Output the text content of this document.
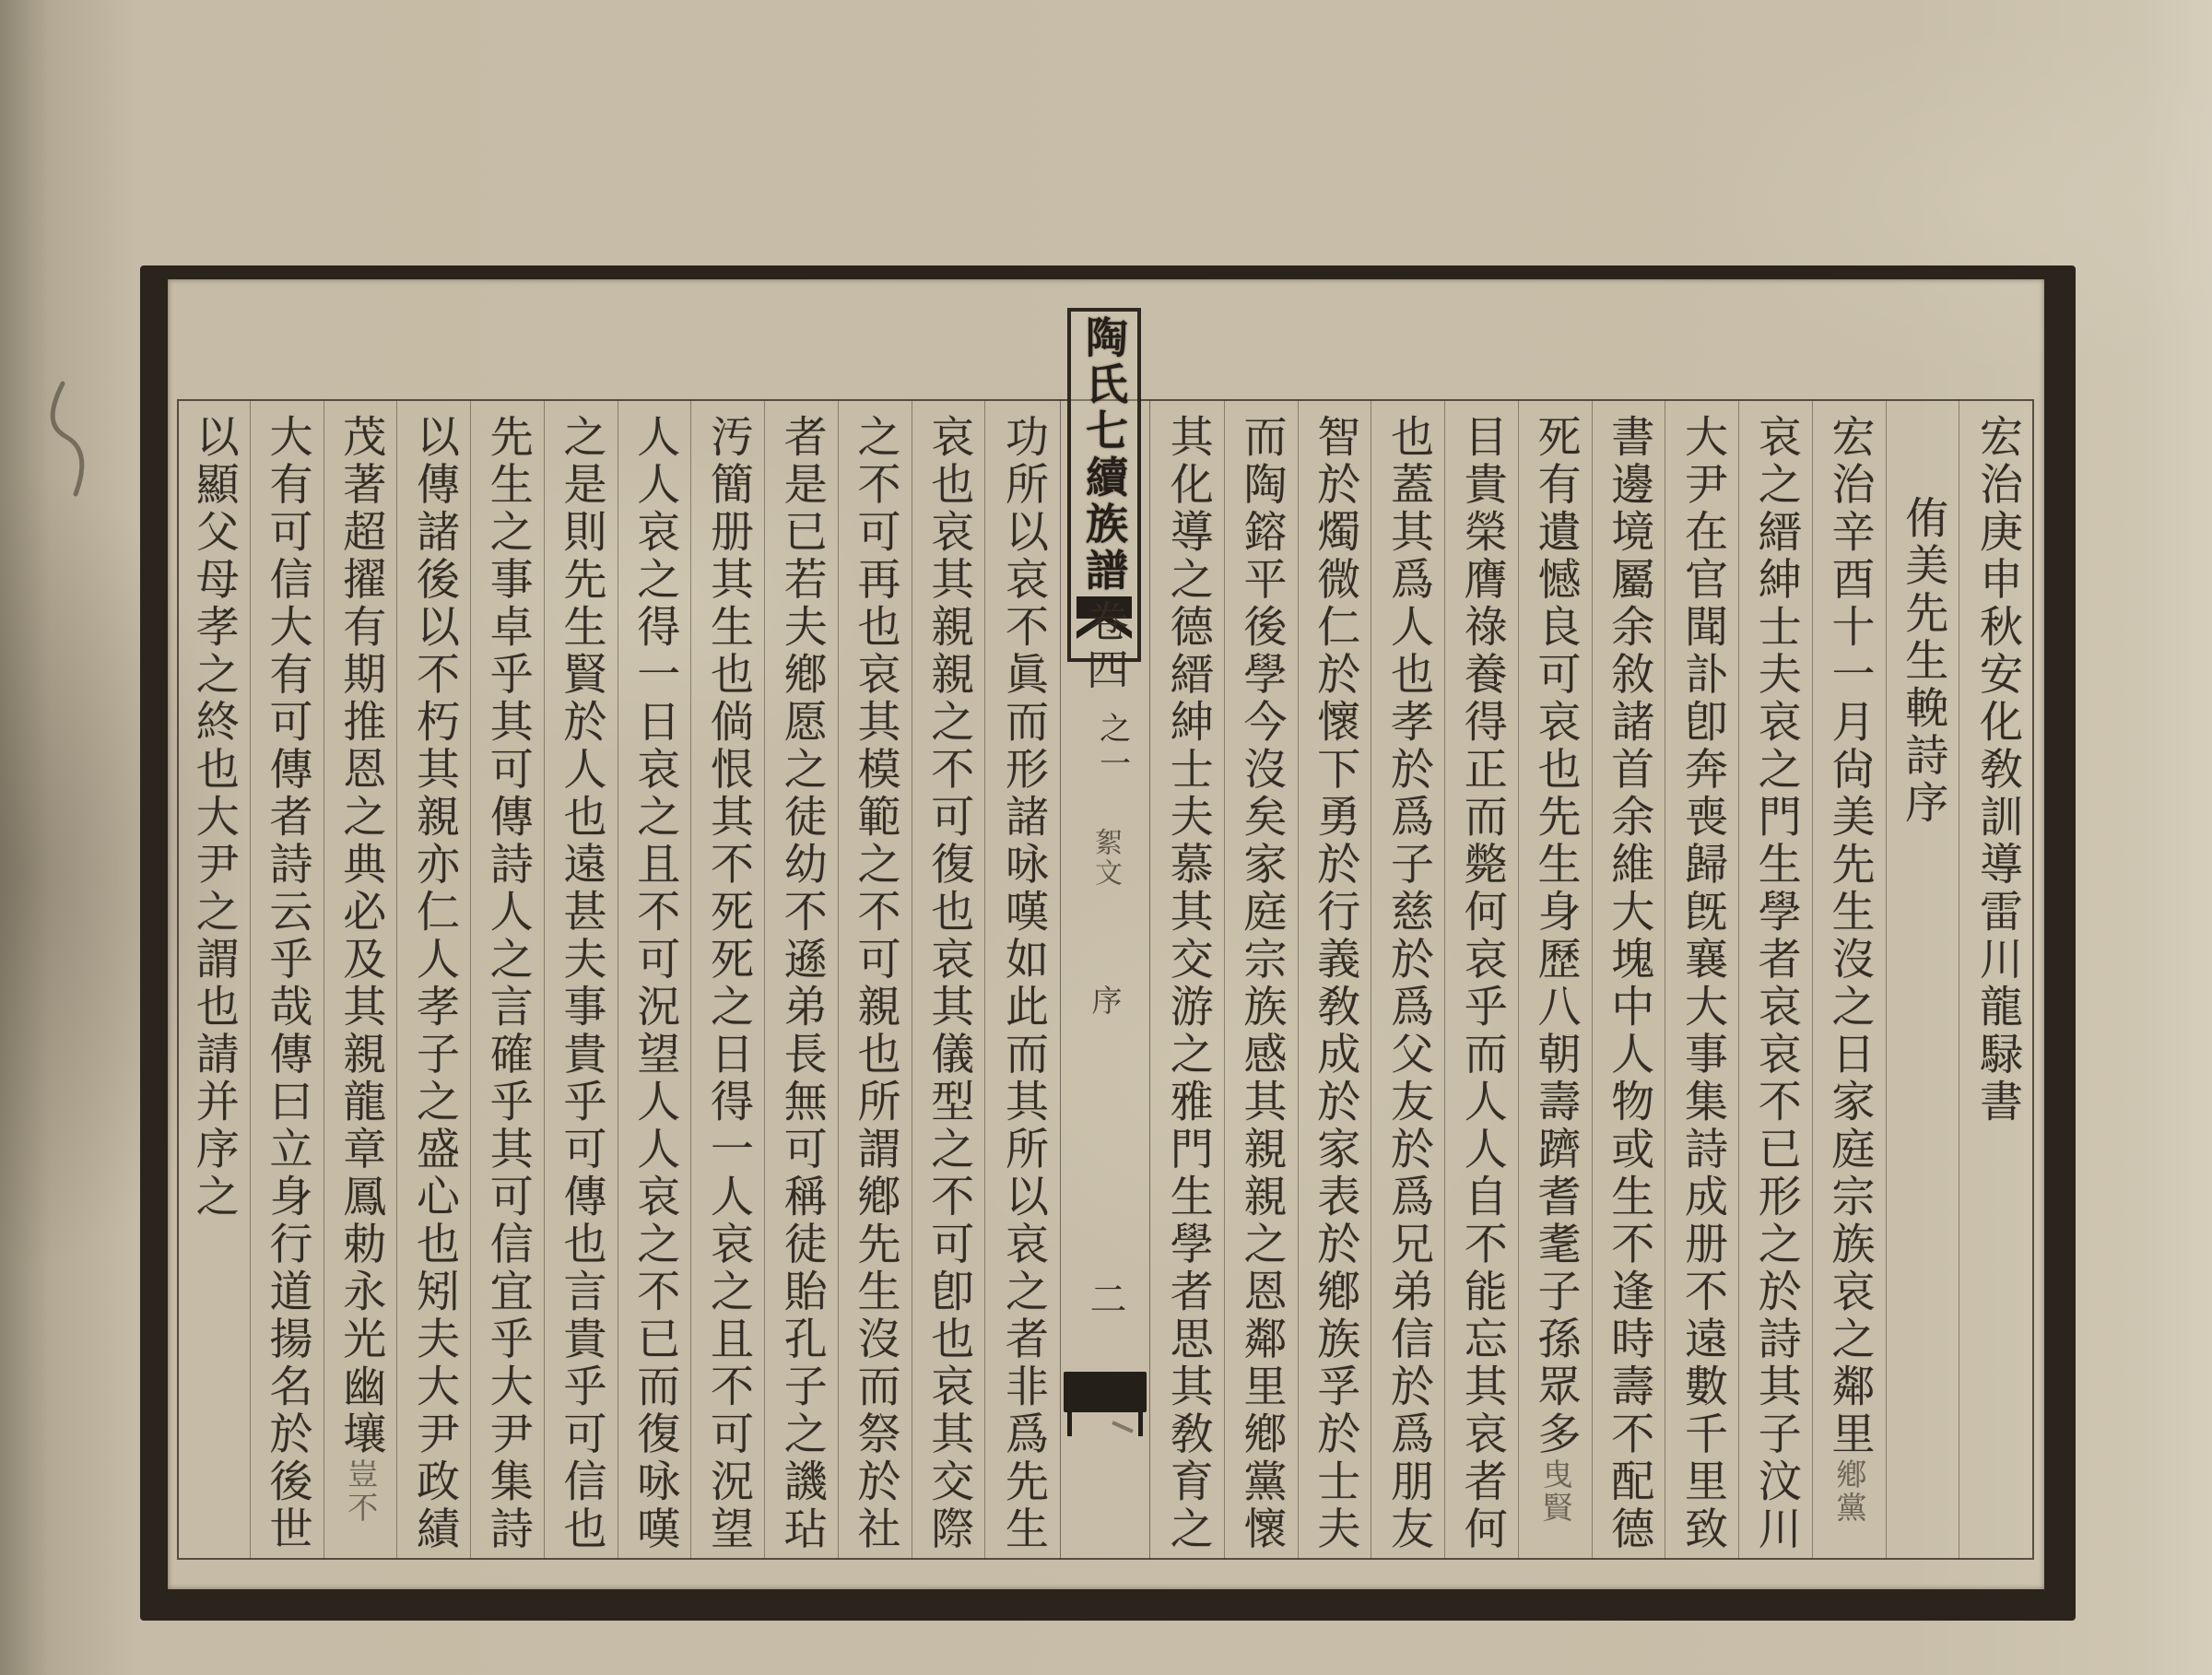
宏治庚申秋安化敎訓導雷川龍騄書
侑美先生輓詩序
宏治辛酉十一月尙美先生沒之日家庭宗族哀之鄰里鄕黨
哀之縉紳士夫哀之門生學者哀哀不已形之於詩其子汶川
大尹在官聞訃卽奔喪歸旣襄大事集詩成册不遠數千里致
書邊境屬余敘諸首余維大塊中人物或生不逢時壽不配德
死有遺憾良可哀也先生身歷八朝壽躋耆耄子孫眾多曳賢
目貴榮膺祿養得正而斃何哀乎而人人自不能忘其哀者何
也蓋其爲人也孝於爲子慈於爲父友於爲兄弟信於爲朋友
智於燭微仁於懷下勇於行義敎成於家表於鄕族孚於士夫
而陶鎔平後學今沒矣家庭宗族感其親親之恩鄰里鄕黨懷
其化導之德縉紳士夫慕其交游之雅門生學者思其敎育之
陶氏七續族譜
卷四
之一
絮文
序
二
功所以哀不眞而形諸咏嘆如此而其所以哀之者非爲先生
哀也哀其親親之不可復也哀其儀型之不可卽也哀其交際
之不可再也哀其模範之不可親也所謂鄕先生沒而祭於社
者是已若夫鄕愿之徒幼不遜弟長無可稱徒貽孔子之譏玷
汚簡册其生也倘恨其不死死之日得一人哀之且不可況望
人人哀之得一日哀之且不可況望人人哀之不已而復咏嘆
之是則先生賢於人也遠甚夫事貴乎可傳也言貴乎可信也
先生之事卓乎其可傳詩人之言確乎其可信宜乎大尹集詩
以傳諸後以不朽其親亦仁人孝子之盛心也矧夫大尹政績
茂著超擢有期推恩之典必及其親龍章鳳勅永光幽壤豈不
大有可信大有可傳者詩云乎哉傳曰立身行道揚名於後世
以顯父母孝之終也大尹之謂也請并序之
